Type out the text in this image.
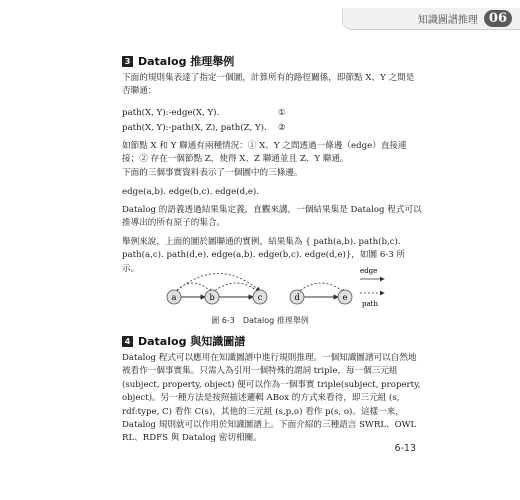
知識圖譜推理 06
3 Datalog 推理舉例

下面的規則集表達了指定一個圖，計算所有的路徑關係，即節點 X、Y 之間是否聯通：

path(X, Y):-edge(X, Y).	①
path(X, Y):-path(X, Z), path(Z, Y).	②

如節點 X 和 Y 聯通有兩種情況：① X、Y 之間透過一條邊（edge）直接連接；② 存在一個節點 Z，使得 X、Z 聯通並且 Z、Y 聯通。

下面的三個事實資料表示了一個圖中的三條邊。

edge(a,b). edge(b,c). edge(d,e).

Datalog 的語義透過結果集定義，直觀來講，一個結果集是 Datalog 程式可以推導出的所有原子的集合。

舉例來說，上面的圖於圖聯通的實例，結果集為 { path(a,b). path(b,c). path(a,c). path(d,e). edge(a,b). edge(b,c). edge(d,e)}，如圖 6-3 所示。

a	b	c	d	e
edge
path
圖 6-3　Datalog 推理舉例
4 Datalog 與知識圖譜

Datalog 程式可以應用在知識圖譜中進行規則推理。一個知識圖譜可以自然地被看作一個事實集。只需人為引用一個特殊的謂詞 triple，每一個三元組 (subject, property, object) 便可以作為一個事實 triple(subject, property, object)。另一種方法是按照描述邏輯 ABox 的方式來看待，即三元組 (s, rdf:type, C) 看作 C(s)，其他的三元組 (s,p,o) 看作 p(s, o)。這樣一來，Datalog 規則就可以作用於知識圖譜上。下面介紹的三種語言 SWRL、OWL RL、RDFS 與 Datalog 密切相關。

6-13
